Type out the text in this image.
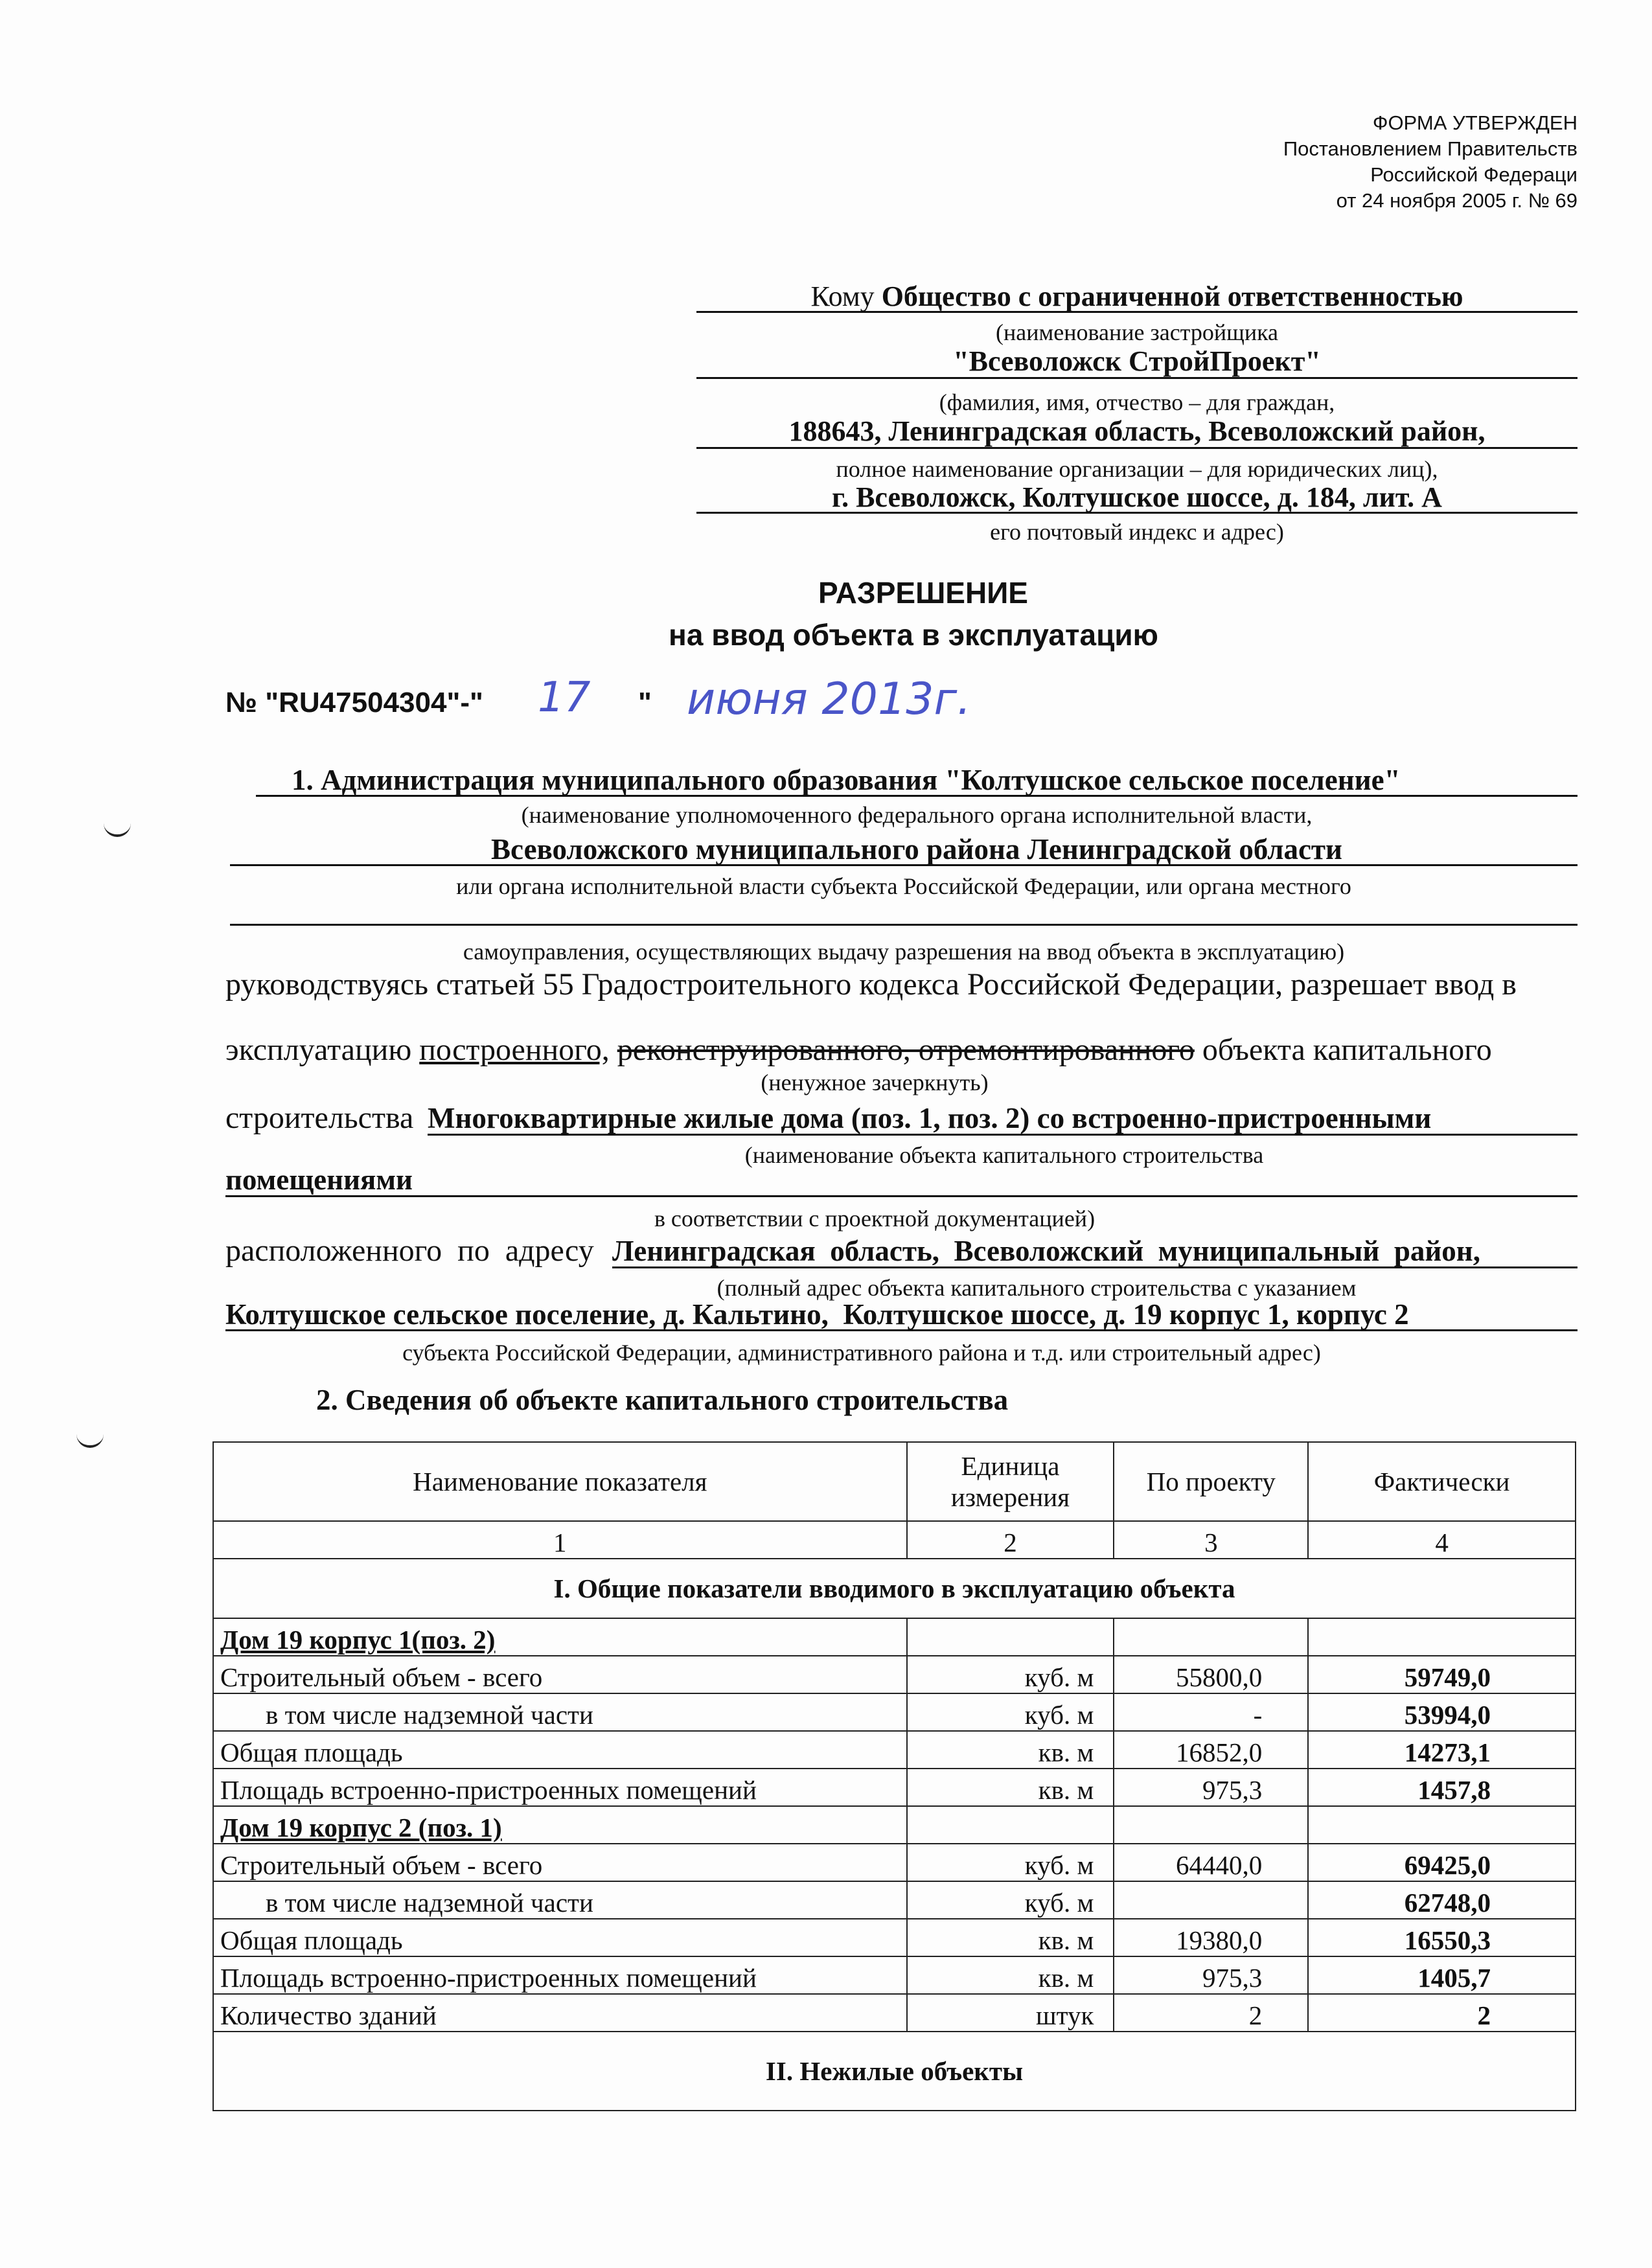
ФОРМА УТВЕРЖДЕН
Постановлением Правительств
Российской Федераци
от 24 ноября 2005 г. № 69
Кому Общество с ограниченной ответственностью
(наименование застройщика
"Всеволожск СтройПроект"
(фамилия, имя, отчество – для граждан,
188643, Ленинградская область, Всеволожский район,
полное наименование организации – для юридических лиц),
г. Всеволожск, Колтушское шоссе, д. 184, лит. А
его почтовый индекс и адрес)
РАЗРЕШЕНИЕ
на ввод объекта в эксплуатацию
№ "RU47504304"-" 17 " июня 2013г.
1. Администрация муниципального образования "Колтушское сельское поселение"
(наименование уполномоченного федерального органа исполнительной власти,
Всеволожского муниципального района Ленинградской области
или органа исполнительной власти субъекта Российской Федерации, или органа местного
самоуправления, осуществляющих выдачу разрешения на ввод объекта в эксплуатацию)
руководствуясь статьей 55 Градостроительного кодекса Российской Федерации, разрешает ввод в
эксплуатацию построенного, реконструированного, отремонтированного объекта капитального
(ненужное зачеркнуть)
строительства Многоквартирные жилые дома (поз. 1, поз. 2) со встроенно-пристроенными
(наименование объекта капитального строительства
помещениями
в соответствии с проектной документацией)
расположенного  по  адресу Ленинградская  область,  Всеволожский  муниципальный  район,
(полный адрес объекта капитального строительства с указанием
Колтушское сельское поселение, д. Кальтино,  Колтушское шоссе, д. 19 корпус 1, корпус 2
субъекта Российской Федерации, административного района и т.д. или строительный адрес)
2. Сведения об объекте капитального строительства
Наименование показателя	Единица измерения	По проекту	Фактически
1	2	3	4
I. Общие показатели вводимого в эксплуатацию объекта			
Дом 19 корпус 1(поз. 2)			
Строительный объем - всего	куб. м	55800,0	59749,0
в том числе надземной части	куб. м	-	53994,0
Общая площадь	кв. м	16852,0	14273,1
Площадь встроенно-пристроенных помещений	кв. м	975,3	1457,8
Дом 19 корпус 2 (поз. 1)			
Строительный объем - всего	куб. м	64440,0	69425,0
в том числе надземной части	куб. м		62748,0
Общая площадь	кв. м	19380,0	16550,3
Площадь встроенно-пристроенных помещений	кв. м	975,3	1405,7
Количество зданий	штук	2	2
II. Нежилые объекты			
